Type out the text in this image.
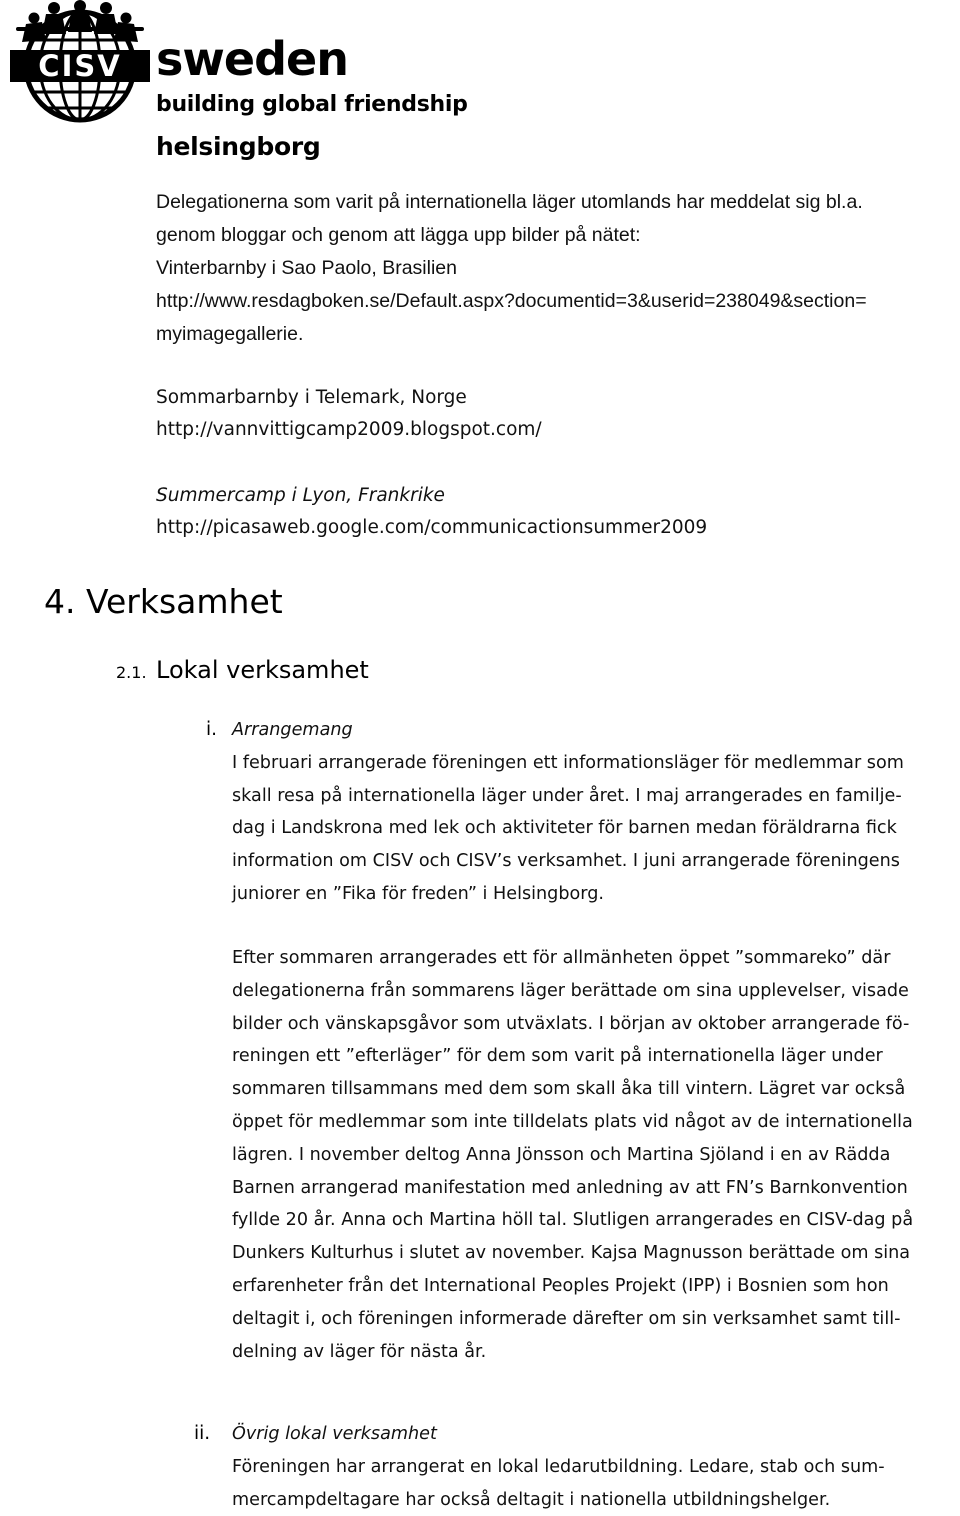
CISV sweden
building global friendship
helsingborg
Delegationerna som varit på internationella läger utomlands har meddelat sig bl.a.
genom bloggar och genom att lägga upp bilder på nätet:
Vinterbarnby i Sao Paolo, Brasilien
http://www.resdagboken.se/Default.aspx?documentid=3&userid=238049&section=
myimagegallerie.
Sommarbarnby i Telemark, Norge
http://vannvittigcamp2009.blogspot.com/
Summercamp i Lyon, Frankrike
http://picasaweb.google.com/communicactionsummer2009
4. Verksamhet
2.1. Lokal verksamhet
i. Arrangemang
I februari arrangerade föreningen ett informationsläger för medlemmar som
skall resa på internationella läger under året. I maj arrangerades en familje-
dag i Landskrona med lek och aktiviteter för barnen medan föräldrarna fick
information om CISV och CISV’s verksamhet. I juni arrangerade föreningens
juniorer en ”Fika för freden” i Helsingborg.
Efter sommaren arrangerades ett för allmänheten öppet ”sommareko” där
delegationerna från sommarens läger berättade om sina upplevelser, visade
bilder och vänskapsgåvor som utväxlats. I början av oktober arrangerade fö-
reningen ett ”efterläger” för dem som varit på internationella läger under
sommaren tillsammans med dem som skall åka till vintern. Lägret var också
öppet för medlemmar som inte tilldelats plats vid något av de internationella
lägren. I november deltog Anna Jönsson och Martina Sjöland i en av Rädda
Barnen arrangerad manifestation med anledning av att FN’s Barnkonvention
fyllde 20 år. Anna och Martina höll tal. Slutligen arrangerades en CISV-dag på
Dunkers Kulturhus i slutet av november. Kajsa Magnusson berättade om sina
erfarenheter från det International Peoples Projekt (IPP) i Bosnien som hon
deltagit i, och föreningen informerade därefter om sin verksamhet samt till-
delning av läger för nästa år.
ii. Övrig lokal verksamhet
Föreningen har arrangerat en lokal ledarutbildning. Ledare, stab och sum-
mercampdeltagare har också deltagit i nationella utbildningshelger.
